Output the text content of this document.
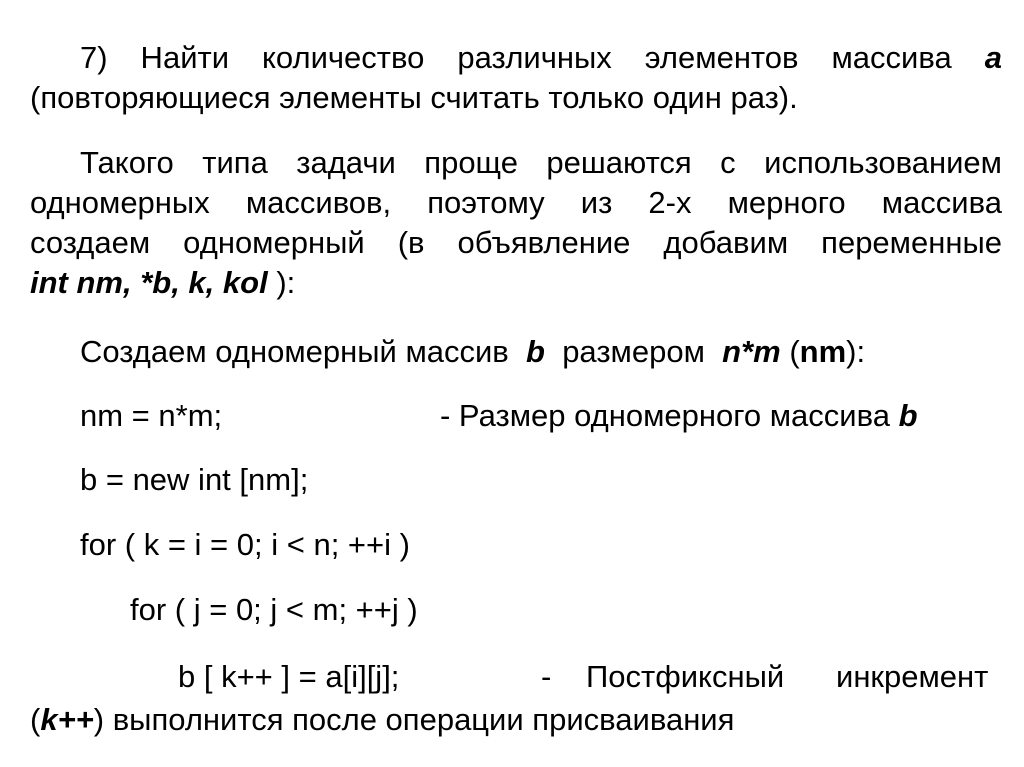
7) Найти количество различных элементов массива a
(повторяющиеся элементы считать только один раз).
Такого типа задачи проще решаются с использованием
одномерных массивов, поэтому из 2-х мерного массива
создаем одномерный (в объявление добавим переменные
int nm, *b, k, kol ):
Создаем одномерный массив b размером n*m (nm):
nm = n*m;	- Размер одномерного массива b
b = new int [nm];
for ( k = i = 0; i < n; ++i )
for ( j = 0; j < m; ++j )
b [ k++ ] = a[i][j];	- Постфиксный инкремент
(k++) выполнится после операции присваивания
